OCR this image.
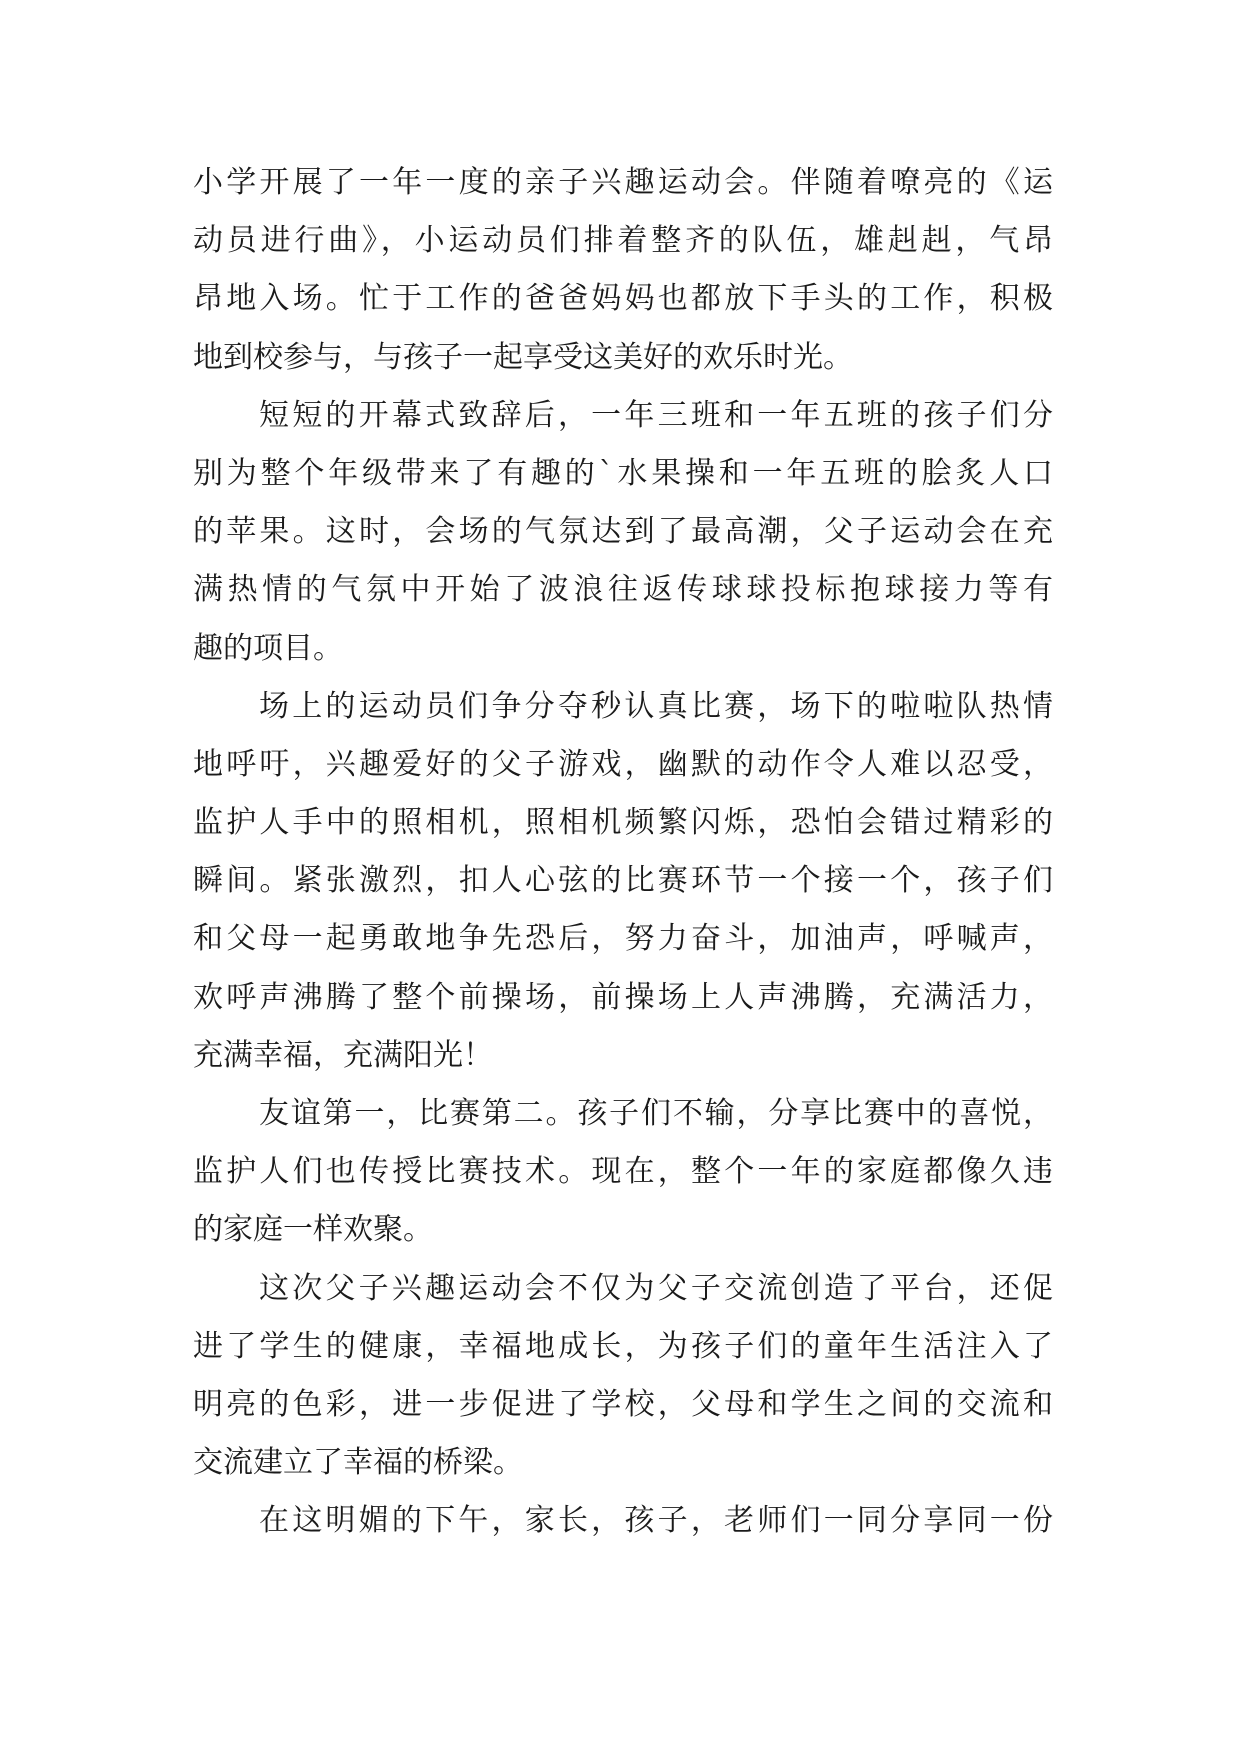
小学开展了一年一度的亲子兴趣运动会。伴随着嘹亮的《运
动员进行曲》，小运动员们排着整齐的队伍，雄赳赳，气昂
昂地入场。忙于工作的爸爸妈妈也都放下手头的工作，积极
地到校参与，与孩子一起享受这美好的欢乐时光。
短短的开幕式致辞后，一年三班和一年五班的孩子们分
别为整个年级带来了有趣的`水果操和一年五班的脍炙人口
的苹果。这时，会场的气氛达到了最高潮，父子运动会在充
满热情的气氛中开始了波浪往返传球球投标抱球接力等有
趣的项目。
场上的运动员们争分夺秒认真比赛，场下的啦啦队热情
地呼吁，兴趣爱好的父子游戏，幽默的动作令人难以忍受，
监护人手中的照相机，照相机频繁闪烁，恐怕会错过精彩的
瞬间。紧张激烈，扣人心弦的比赛环节一个接一个，孩子们
和父母一起勇敢地争先恐后，努力奋斗，加油声，呼喊声，
欢呼声沸腾了整个前操场，前操场上人声沸腾，充满活力，
充满幸福，充满阳光！
友谊第一，比赛第二。孩子们不输，分享比赛中的喜悦，
监护人们也传授比赛技术。现在，整个一年的家庭都像久违
的家庭一样欢聚。
这次父子兴趣运动会不仅为父子交流创造了平台，还促
进了学生的健康，幸福地成长，为孩子们的童年生活注入了
明亮的色彩，进一步促进了学校，父母和学生之间的交流和
交流建立了幸福的桥梁。
在这明媚的下午，家长，孩子，老师们一同分享同一份
